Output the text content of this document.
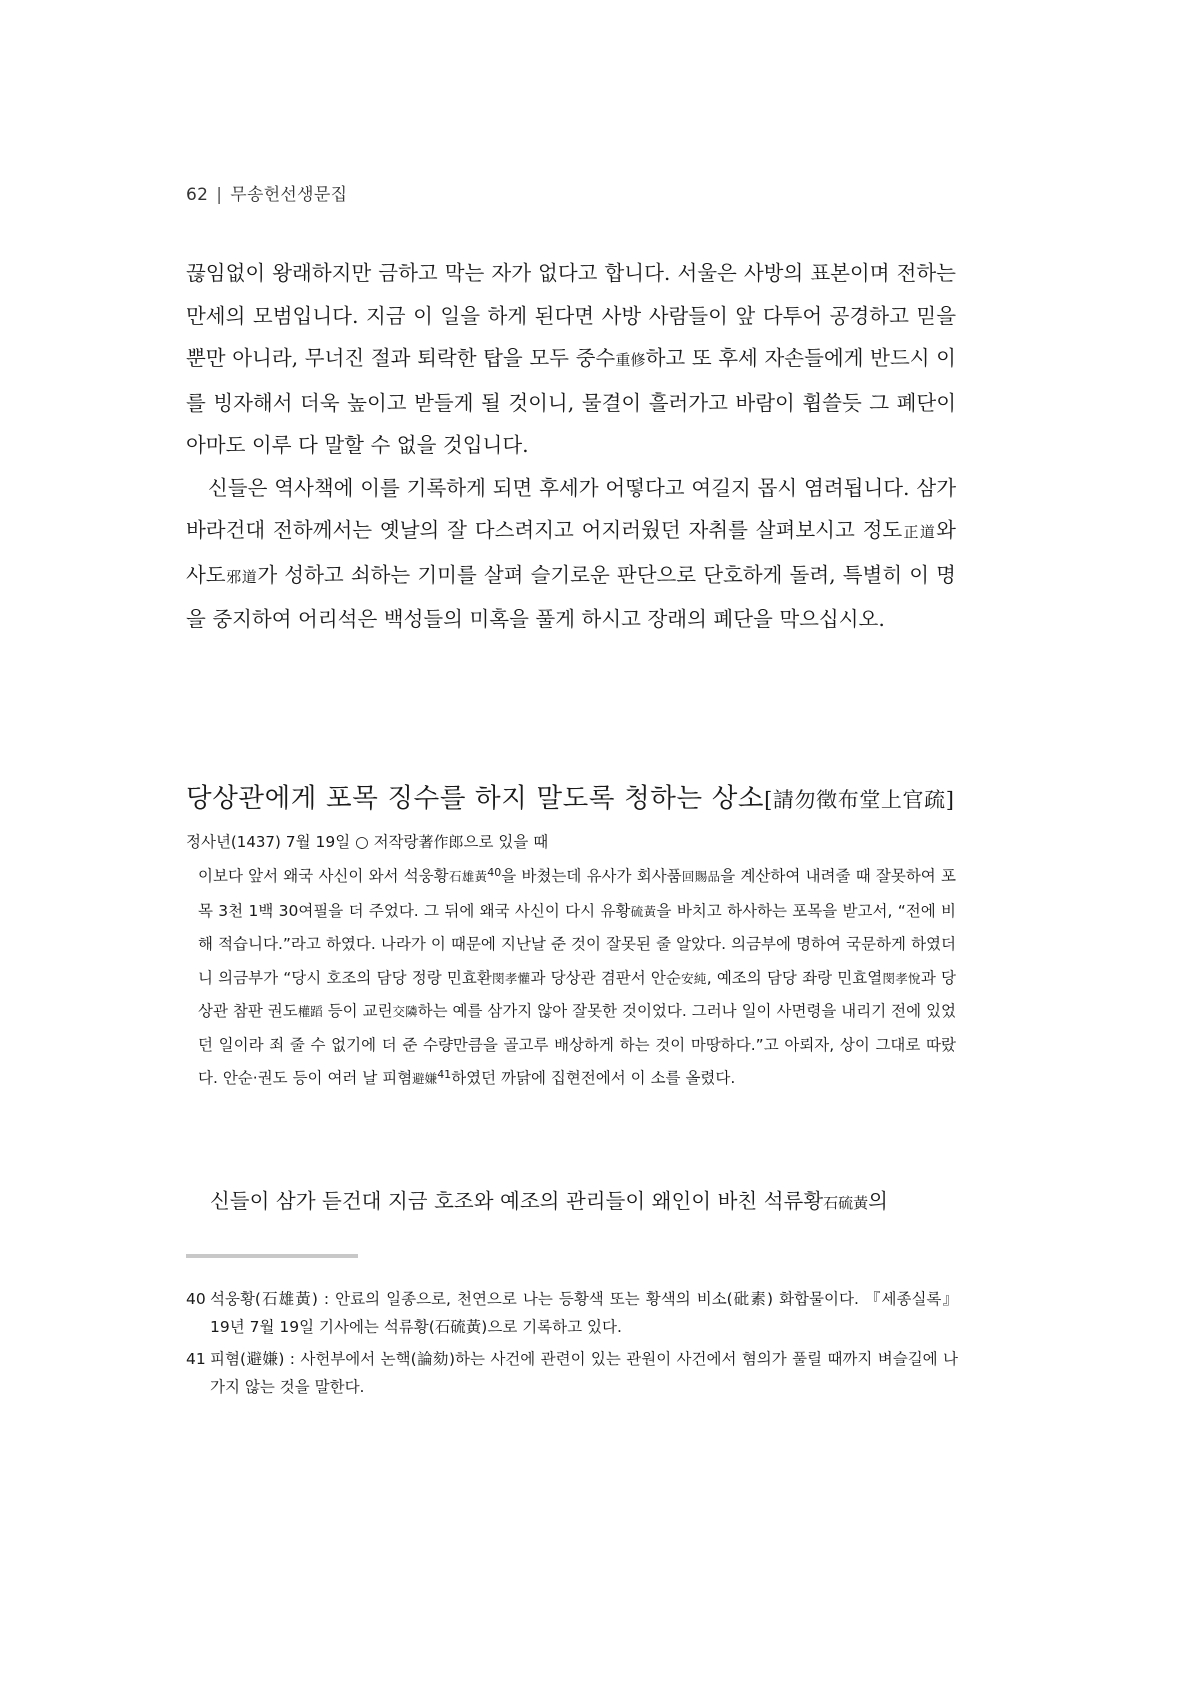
62 | 무송헌선생문집

끊임없이 왕래하지만 금하고 막는 자가 없다고 합니다. 서울은 사방의 표본이며 전하는 만세의 모범입니다. 지금 이 일을 하게 된다면 사방 사람들이 앞 다투어 공경하고 믿을 뿐만 아니라, 무너진 절과 퇴락한 탑을 모두 중수重修하고 또 후세 자손들에게 반드시 이를 빙자해서 더욱 높이고 받들게 될 것이니, 물결이 흘러가고 바람이 휩쓸듯 그 폐단이 아마도 이루 다 말할 수 없을 것입니다.

신들은 역사책에 이를 기록하게 되면 후세가 어떻다고 여길지 몹시 염려됩니다. 삼가 바라건대 전하께서는 옛날의 잘 다스려지고 어지러웠던 자취를 살펴보시고 정도正道와 사도邪道가 성하고 쇠하는 기미를 살펴 슬기로운 판단으로 단호하게 돌려, 특별히 이 명을 중지하여 어리석은 백성들의 미혹을 풀게 하시고 장래의 폐단을 막으십시오.

당상관에게 포목 징수를 하지 말도록 청하는 상소[請勿徵布堂上官疏]
정사년(1437) 7월 19일 ○ 저작랑著作郎으로 있을 때
이보다 앞서 왜국 사신이 와서 석웅황石雄黃$^{40}$을 바쳤는데 유사가 회사품回賜品을 계산하여 내려줄 때 잘못하여 포목 3천 1백 30여필을 더 주었다. 그 뒤에 왜국 사신이 다시 유황硫黃을 바치고 하사하는 포목을 받고서, “전에 비해 적습니다.”라고 하였다. 나라가 이 때문에 지난날 준 것이 잘못된 줄 알았다. 의금부에 명하여 국문하게 하였더니 의금부가 “당시 호조의 담당 정랑 민효환閔孝懽과 당상관 겸판서 안순安純, 예조의 담당 좌랑 민효열閔孝悅과 당상관 참판 권도權蹈 등이 교린交隣하는 예를 삼가지 않아 잘못한 것이었다. 그러나 일이 사면령을 내리기 전에 있었던 일이라 죄 줄 수 없기에 더 준 수량만큼을 골고루 배상하게 하는 것이 마땅하다.”고 아뢰자, 상이 그대로 따랐다. 안순·권도 등이 여러 날 피혐避嫌$^{41}$하였던 까닭에 집현전에서 이 소를 올렸다.
신들이 삼가 듣건대 지금 호조와 예조의 관리들이 왜인이 바친 석류황石硫黃의
40 석웅황(石雄黃) : 안료의 일종으로, 천연으로 나는 등황색 또는 황색의 비소(砒素) 화합물이다. 『세종실록』 19년 7월 19일 기사에는 석류황(石硫黃)으로 기록하고 있다.
41 피혐(避嫌) : 사헌부에서 논핵(論劾)하는 사건에 관련이 있는 관원이 사건에서 혐의가 풀릴 때까지 벼슬길에 나가지 않는 것을 말한다.
